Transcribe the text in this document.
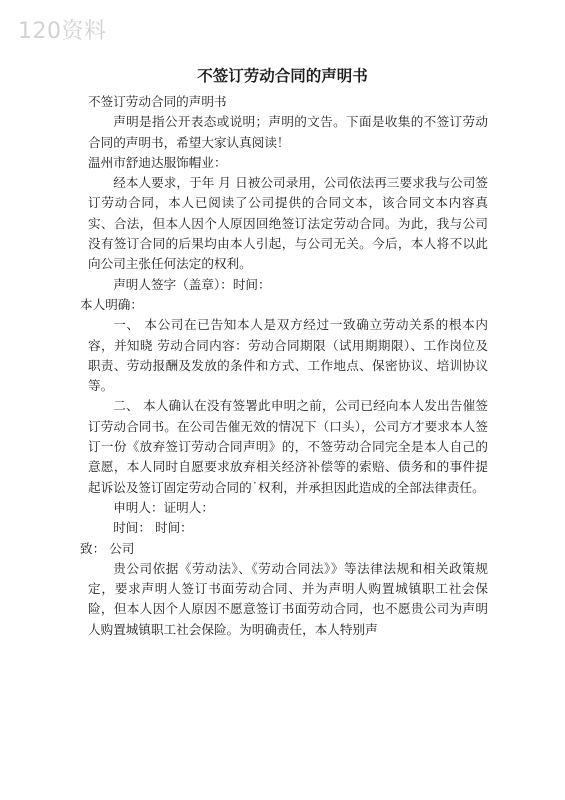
120资料
不签订劳动合同的声明书

不签订劳动合同的声明书

声明是指公开表态或说明；声明的文告。下面是收集的不签订劳动合同的声明书，希望大家认真阅读！

温州市舒迪达服饰帽业：

经本人要求，于年 月 日被公司录用，公司依法再三要求我与公司签订劳动合同，本人已阅读了公司提供的合同文本，该合同文本内容真实、合法，但本人因个人原因回绝签订法定劳动合同。为此，我与公司没有签订合同的后果均由本人引起，与公司无关。今后，本人将不以此向公司主张任何法定的权利。

声明人签字（盖章）：时间：

本人明确：

一、 本公司在已告知本人是双方经过一致确立劳动关系的根本内容，并知晓 劳动合同内容：劳动合同期限（试用期期限）、工作岗位及职责、劳动报酬及发放的条件和方式、工作地点、保密协议、培训协议等。

二、 本人确认在没有签署此申明之前，公司已经向本人发出告催签订劳动合同书。在公司告催无效的情况下（口头），公司方才要求本人签订一份《放弃签订劳动合同声明》的，不签劳动合同完全是本人自己的意愿，本人同时自愿要求放弃相关经济补偿等的索赔、债务和的事件提起诉讼及签订固定劳动合同的˙权利，并承担因此造成的全部法律责任。

申明人：证明人：

时间： 时间：

致： 公司

贵公司依据《劳动法》、《劳动合同法》》等法律法规和相关政策规定，要求声明人签订书面劳动合同、并为声明人购置城镇职工社会保险，但本人因个人原因不愿意签订书面劳动合同，也不愿贵公司为声明人购置城镇职工社会保险。为明确责任，本人特别声
